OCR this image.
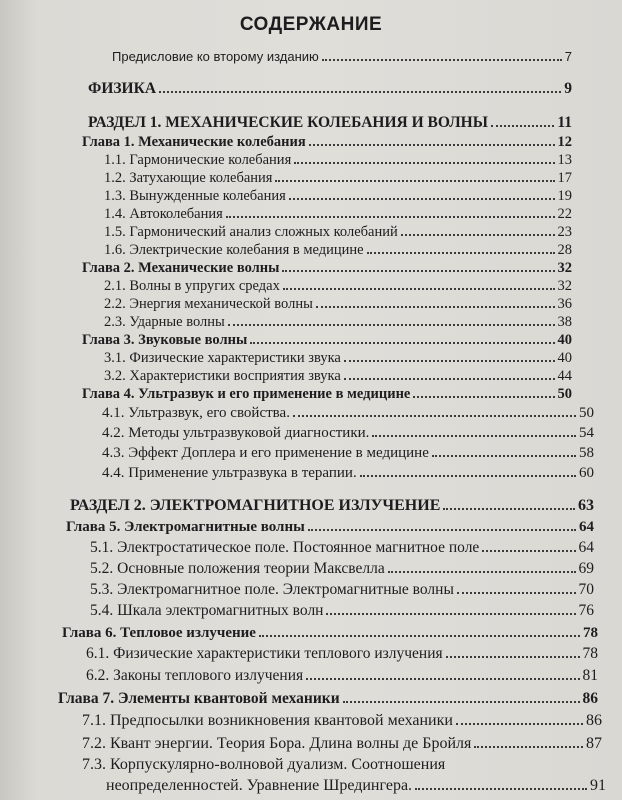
СОДЕРЖАНИЕ
Предисловие ко второму изданию	7
ФИЗИКА	9
РАЗДЕЛ 1. МЕХАНИЧЕСКИЕ КОЛЕБАНИЯ И ВОЛНЫ	11
Глава 1. Механические колебания	12
1.1. Гармонические колебания	13
1.2. Затухающие колебания	17
1.3. Вынужденные колебания	19
1.4. Автоколебания	22
1.5. Гармонический анализ сложных колебаний	23
1.6. Электрические колебания в медицине	28
Глава 2. Механические волны	32
2.1. Волны в упругих средах	32
2.2. Энергия механической волны	36
2.3. Ударные волны	38
Глава 3. Звуковые волны	40
3.1. Физические характеристики звука	40
3.2. Характеристики восприятия звука	44
Глава 4. Ультразвук и его применение в медицине	50
4.1. Ультразвук, его свойства.	50
4.2. Методы ультразвуковой диагностики.	54
4.3. Эффект Доплера и его применение в медицине	58
4.4. Применение ультразвука в терапии.	60
РАЗДЕЛ 2. ЭЛЕКТРОМАГНИТНОЕ ИЗЛУЧЕНИЕ	63
Глава 5. Электромагнитные волны	64
5.1. Электростатическое поле. Постоянное магнитное поле	64
5.2. Основные положения теории Максвелла	69
5.3. Электромагнитное поле. Электромагнитные волны	70
5.4. Шкала электромагнитных волн	76
Глава 6. Тепловое излучение	78
6.1. Физические характеристики теплового излучения	78
6.2. Законы теплового излучения	81
Глава 7. Элементы квантовой механики	86
7.1. Предпосылки возникновения квантовой механики	86
7.2. Квант энергии. Теория Бора. Длина волны де Бройля	87
7.3. Корпускулярно-волновой дуализм. Соотношения
неопределенностей. Уравнение Шредингера.	91
